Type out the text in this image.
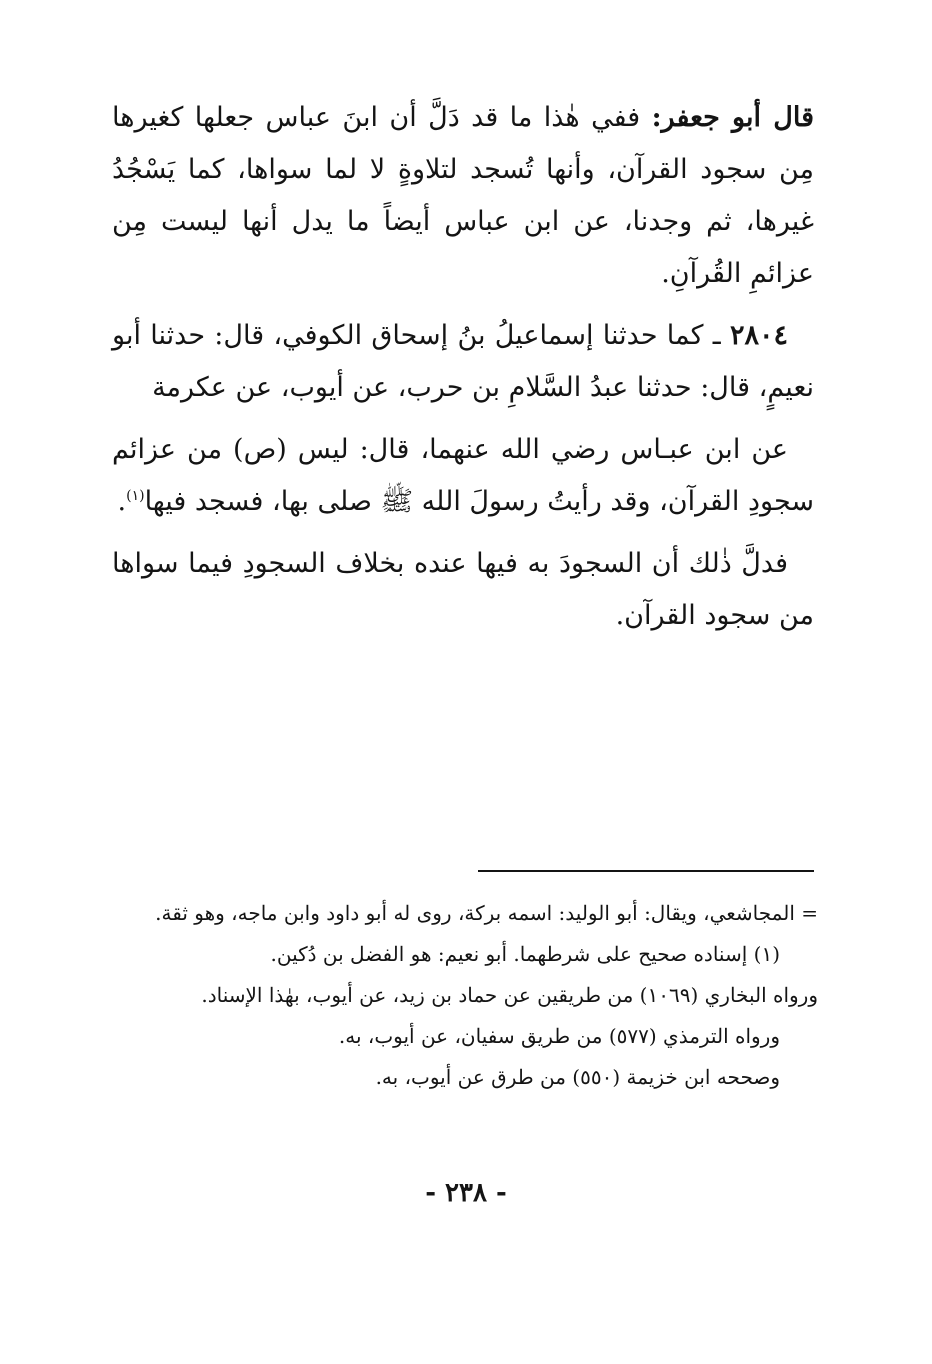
قال أبو جعفر: ففي هٰذا ما قد دَلَّ أن ابنَ عباس جعلها كغيرها مِن سجود القرآن، وأنها تُسجد لتلاوةٍ لا لما سواها، كما يَسْجُدُ غيرها، ثم وجدنا، عن ابن عباس أيضاً ما يدل أنها ليست مِن عزائمِ القُرآنِ.

٢٨٠٤ ـ كما حدثنا إسماعيلُ بنُ إسحاق الكوفي، قال: حدثنا أبو نعيمٍ، قال: حدثنا عبدُ السَّلامِ بن حرب، عن أيوب، عن عكرمة

عن ابن عبـاس رضي الله عنهما، قال: ليس (ص) من عزائم سجودِ القرآن، وقد رأيتُ رسولَ الله ﷺ صلى بها، فسجد فيها$^{(١)}$.

فدلَّ ذٰلك أن السجودَ به فيها عنده بخلاف السجودِ فيما سواها من سجود القرآن.

= المجاشعي، ويقال: أبو الوليد: اسمه بركة، روى له أبو داود وابن ماجه، وهو ثقة.

(١) إسناده صحيح على شرطهما. أبو نعيم: هو الفضل بن دُكين.

ورواه البخاري (١٠٦٩) من طريقين عن حماد بن زيد، عن أيوب، بهٰذا الإسناد.

ورواه الترمذي (٥٧٧) من طريق سفيان، عن أيوب، به.

وصححه ابن خزيمة (٥٥٠) من طرق عن أيوب، به.

- ٢٣٨ -
